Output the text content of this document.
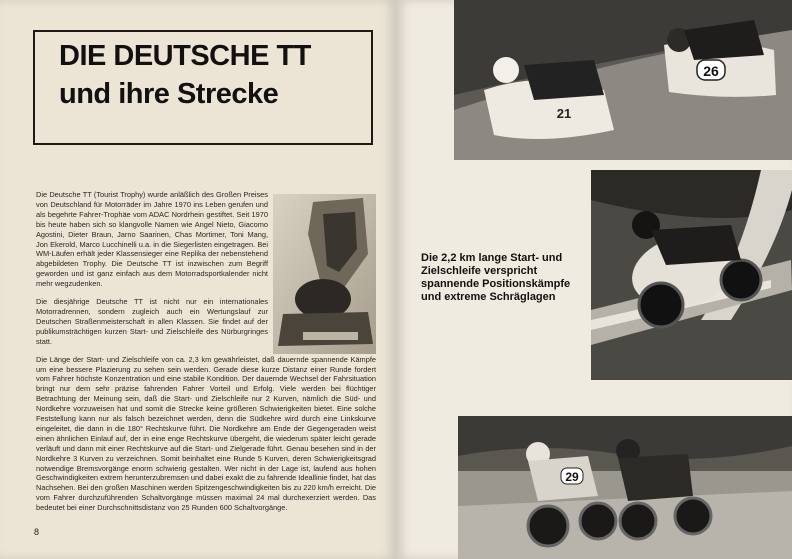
DIE DEUTSCHE TT
und ihre Strecke

Die Deutsche TT (Tourist Trophy) wurde anläßlich des Großen Preises von Deutschland für Motorräder im Jahre 1970 ins Leben gerufen und als begehrte Fahrer-Trophäe vom ADAC Nordrhein gestiftet. Seit 1970 bis heute haben sich so klangvolle Namen wie Angel Nieto, Giacomo Agostini, Dieter Braun, Jarno Saarinen, Chas Mortimer, Toni Mang, Jon Ekerold, Marco Lucchinelli u.a. in die Siegerlisten eingetragen. Bei WM-Läufen erhält jeder Klassensieger eine Replika der nebenstehend abgebildeten Trophy. Die Deutsche TT ist inzwischen zum Begriff geworden und ist ganz einfach aus dem Motorradsportkalender nicht mehr wegzudenken.

Die diesjährige Deutsche TT ist nicht nur ein internationales Motorradrennen, sondern zugleich auch ein Wertungslauf zur Deutschen Straßenmeisterschaft in allen Klassen. Sie findet auf der publikumsträchtigen kurzen Start- und Zielschleife des Nürburgringes statt.

Die Länge der Start- und Zielschleife von ca. 2,3 km gewährleistet, daß dauernde spannende Kämpfe um eine bessere Plazierung zu sehen sein werden. Gerade diese kurze Distanz einer Runde fordert vom Fahrer höchste Konzentration und eine stabile Kondition. Der dauernde Wechsel der Fahrsituation bringt nur dem sehr präzise fahrenden Fahrer Vorteil und Erfolg. Viele werden bei flüchtiger Betrachtung der Meinung sein, daß die Start- und Zielschleife nur 2 Kurven, nämlich die Süd- und Nordkehre vorzuweisen hat und somit die Strecke keine größeren Schwierigkeiten bietet. Eine solche Feststellung kann nur als falsch bezeichnet werden, denn die Südkehre wird durch eine Linkskurve eingeleitet, die dann in die 180° Rechtskurve führt. Die Nordkehre am Ende der Gegengeraden weist einen ähnlichen Einlauf auf, der in eine enge Rechtskurve übergeht, die wiederum später leicht gerade verläuft und dann mit einer Rechtskurve auf die Start- und Zielgerade führt. Genau besehen sind in der Nordkehre 3 Kurven zu verzeichnen. Somit beinhaltet eine Runde 5 Kurven, deren Schwierigkeitsgrad notwendige Bremsvorgänge enorm schwierig gestalten. Wer nicht in der Lage ist, laufend aus hohen Geschwindigkeiten extrem herunterzubremsen und dabei exakt die zu fahrende Ideallinie findet, hat das Nachsehen. Bei den großen Maschinen werden Spitzengeschwindigkeiten bis zu 220 km/h erreicht. Die vom Fahrer durchzuführenden Schaltvorgänge müssen maximal 24 mal durchexerziert werden. Das bedeutet bei einer Durchschnittsdistanz von 25 Runden 600 Schaltvorgänge.

8
26
21
Die 2,2 km lange Start- und Zielschleife verspricht spannende Positionskämpfe und extreme Schräglagen
29
